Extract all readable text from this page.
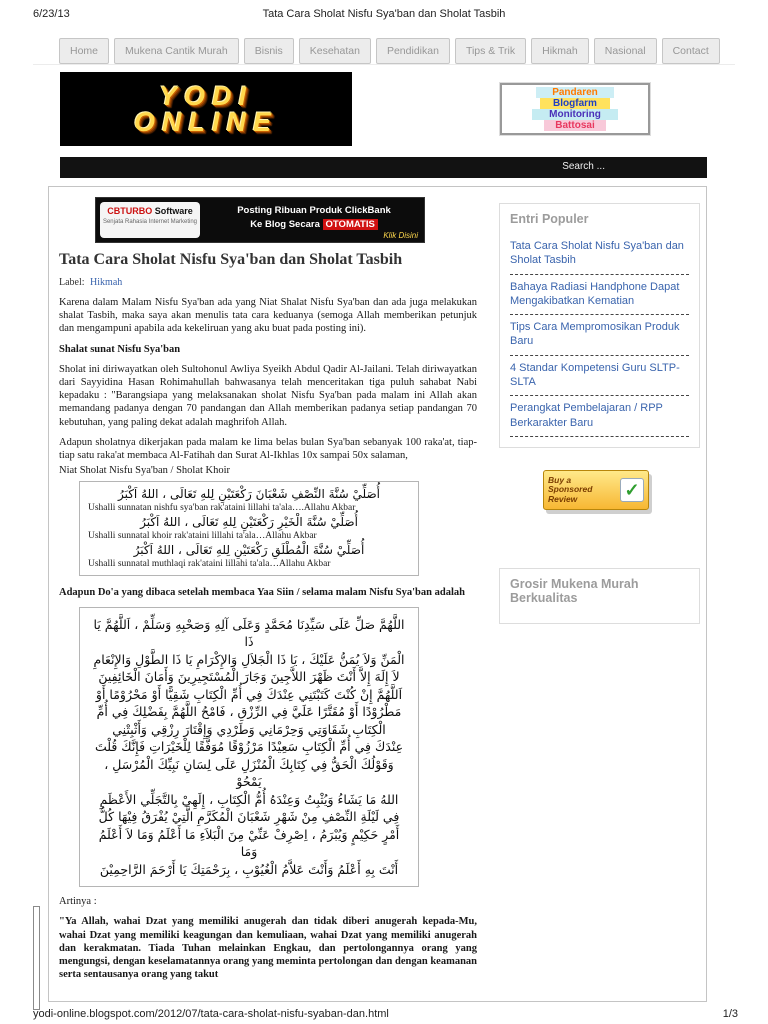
6/23/13	Tata Cara Sholat Nisfu Sya'ban dan Sholat Tasbih
Home	Mukena Cantik Murah	Bisnis	Kesehatan	Pendidikan	Tips & Trik	Hikmah	Nasional	Contact
YODI
ONLINE
Pandaren
Blogfarm
Monitoring
Battosai
Search ...
CBTURBO Software
Senjata Rahasia Internet Marketing
Posting Ribuan Produk ClickBank
Ke Blog Secara OTOMATIS
Klik Disini
Tata Cara Sholat Nisfu Sya'ban dan Sholat Tasbih
Label: Hikmah

Karena dalam Malam Nisfu Sya'ban ada yang Niat Shalat Nisfu Sya'ban dan ada juga melakukan shalat Tasbih, maka saya akan menulis tata cara keduanya (semoga Allah memberikan petunjuk dan mengampuni apabila ada kekeliruan yang aku buat pada posting ini).

Shalat sunat Nisfu Sya'ban

Sholat ini diriwayatkan oleh Sultohonul Awliya Syeikh Abdul Qadir Al-Jailani. Telah diriwayatkan dari Sayyidina Hasan Rohimahullah bahwasanya telah menceritakan tiga puluh sahabat Nabi kepadaku : "Barangsiapa yang melaksanakan sholat Nisfu Sya'ban pada malam ini Allah akan memandang padanya dengan 70 pandangan dan Allah memberikan padanya setiap pandangan 70 kebutuhan, yang paling dekat adalah maghrifoh Allah.

Adapun sholatnya dikerjakan pada malam ke lima belas bulan Sya'ban sebanyak 100 raka'at, tiap-tiap satu raka'at membaca Al-Fatihah dan Surat Al-Ikhlas 10x sampai 50x salaman,

Niat Sholat Nisfu Sya'ban / Sholat Khoir

أُصَلِّيْ سُنَّةَ النِّصْفِ شَعْبَانَ رَكْعَتَيْنِ لِلهِ تَعَالَى ، اللهُ اَكْبَرُ
Ushalli sunnatan nishfu sya'ban rak'ataini lillahi ta'ala….Allahu Akbar
أُصَلِّيْ سُنَّةَ الْخَيْرِ رَكْعَتَيْنِ لِلهِ تَعَالَى ، اللهُ اَكْبَرُ
Ushalli sunnatal khoir rak'ataini lillahi ta'ala…Allahu Akbar
أُصَلِّيْ سُنَّةَ الْمُطْلَقِ رَكْعَتَيْنِ لِلهِ تَعَالَى ، اللهُ اَكْبَرُ
Ushalli sunnatal muthlaqi rak'ataini lillahi ta'ala…Allahu Akbar

Adapun Do'a yang dibaca setelah membaca Yaa Siin / selama malam Nisfu Sya'ban adalah

اللَّهُمَّ صَلِّ عَلَى سَيِّدِنَا مُحَمَّدٍ وَعَلَى آلِهِ وَصَحْبِهِ وَسَلِّمْ ، اَللَّهُمَّ يَا ذَا
الْمَنِّ وَلاَ يُمَنُّ عَلَيْكَ ، يَا ذَا الْجَلاَلِ وَالإِكْرَامِ يَا ذَا الطَّوْلِ وَالإِنْعَامِ
لاَ إِلَهَ إِلاَّ أَنْتَ ظَهْرَ اللاَّجِينَ وَجَارَ الْمُسْتَجِيرِينَ وَأَمَانَ الْخَائِفِينَ
اَللَّهُمَّ إِنْ كُنْتَ كَتَبْتَنِي عِنْدَكَ فِي أُمِّ الْكِتَابِ شَقِيًّا أَوْ مَحْرُوْمًا أَوْ
مَطْرُوْدًا أَوْ مُقَتَّرًا عَلَيَّ فِي الرِّزْقِ ، فَامْحُ اللَّهُمَّ بِفَضْلِكَ فِي أُمِّ
الْكِتَابِ شَقَاوَتِي وَحِرْمَانِي وَطَرْدِي وَإِقْتَارَ رِزْقِي وَأَثْبِتْنِي
عِنْدَكَ فِي أُمِّ الْكِتَابِ سَعِيْدًا مَرْزُوْقًا مُوَفَّقًا لِلْخَيْرَاتِ فَإِنَّكَ قُلْتَ
وَقَوْلُكَ الْحَقُّ فِي كِتَابِكَ الْمُنْزَلِ عَلَى لِسَانِ نَبِيِّكَ الْمُرْسَلِ ، يَمْحُوْ
اللهُ مَا يَشَاءُ وَيُثْبِتُ وَعِنْدَهُ أُمُّ الْكِتَابِ ، إِلَهِيْ بِالتَّجَلِّي الأَعْظَمِ
فِي لَيْلَةِ النِّصْفِ مِنْ شَهْرِ شَعْبَانَ الْمُكَرَّمِ الَّتِيْ يُفْرَقُ فِيْهَا كُلُّ
أَمْرٍ حَكِيْمٍ وَيُبْرَمُ ، اِصْرِفْ عَنِّيْ مِنَ الْبَلاَءِ مَا أَعْلَمُ وَمَا لاَ أَعْلَمُ وَمَا
أَنْتَ بِهِ أَعْلَمُ وَأَنْتَ عَلاَّمُ الْغُيُوْبِ ، بِرَحْمَتِكَ يَا أَرْحَمَ الرَّاحِمِيْنَ

Artinya :

"Ya Allah, wahai Dzat yang memiliki anugerah dan tidak diberi anugerah kepada-Mu, wahai Dzat yang memiliki keagungan dan kemuliaan, wahai Dzat yang memiliki anugerah dan kerakmatan. Tiada Tuhan melainkan Engkau, dan pertolongannya orang yang mengungsi, dengan keselamatannya orang yang meminta pertolongan dan dengan keamanan serta sentausanya orang yang takut

Entri Populer
Tata Cara Sholat Nisfu Sya'ban dan Sholat Tasbih
Bahaya Radiasi Handphone Dapat Mengakibatkan Kematian
Tips Cara Mempromosikan Produk Baru
4 Standar Kompetensi Guru SLTP-SLTA
Perangkat Pembelajaran / RPP Berkarakter Baru
Buy a
Sponsored
Review	✓
Grosir Mukena Murah Berkualitas
yodi-online.blogspot.com/2012/07/tata-cara-sholat-nisfu-syaban-dan.html	1/3
